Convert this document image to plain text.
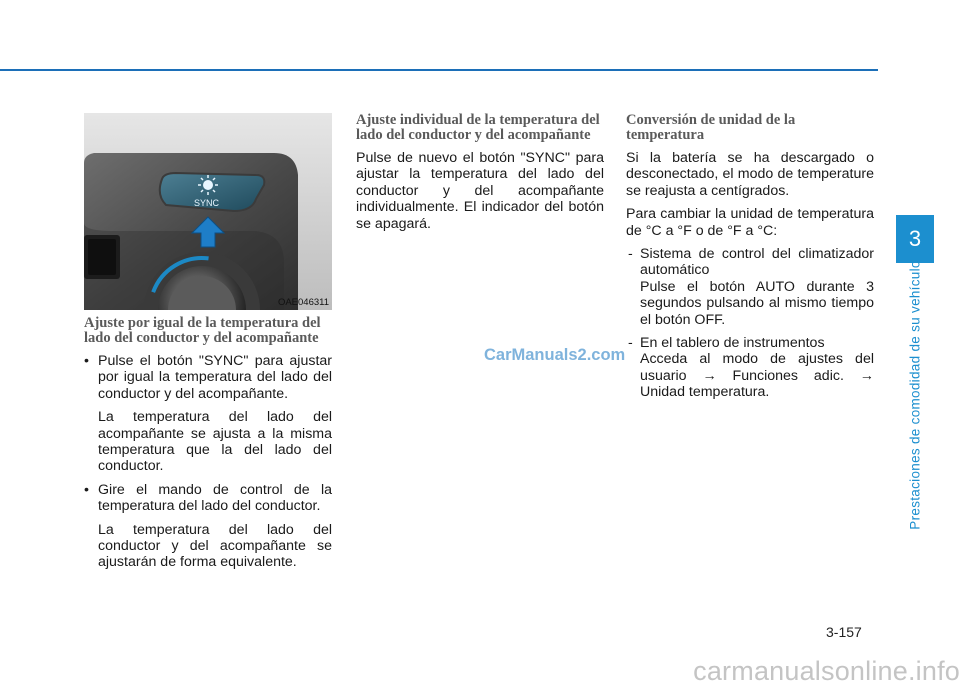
SYNC
OAE046311
Ajuste por igual de la temperatura del lado del conductor y del acompañante
• Pulse el botón "SYNC" para ajustar por igual la temperatura del lado del conductor y del acompañante.
La temperatura del lado del acompañante se ajusta a la misma temperatura que la del lado del conductor.
• Gire el mando de control de la temperatura del lado del conductor.
La temperatura del lado del conductor y del acompañante se ajustarán de forma equivalente.
Ajuste individual de la temperatura del lado del conductor y del acompañante

Pulse de nuevo el botón "SYNC" para ajustar la temperatura del lado del conductor y del acompañante individualmente. El indicador del botón se apagará.

Conversión de unidad de la temperatura

Si la batería se ha descargado o desconectado, el modo de temperature se reajusta a centígrados.

Para cambiar la unidad de temperatura de °C a °F o de °F a °C:

- Sistema de control del climatizador automático
Pulse el botón AUTO durante 3 segundos pulsando al mismo tiempo el botón OFF.
- En el tablero de instrumentos
Acceda al modo de ajustes del usuario → Funciones adic. → Unidad temperatura.
CarManuals2.com
3
Prestaciones de comodidad de su vehículo
3-157
carmanualsonline.info
